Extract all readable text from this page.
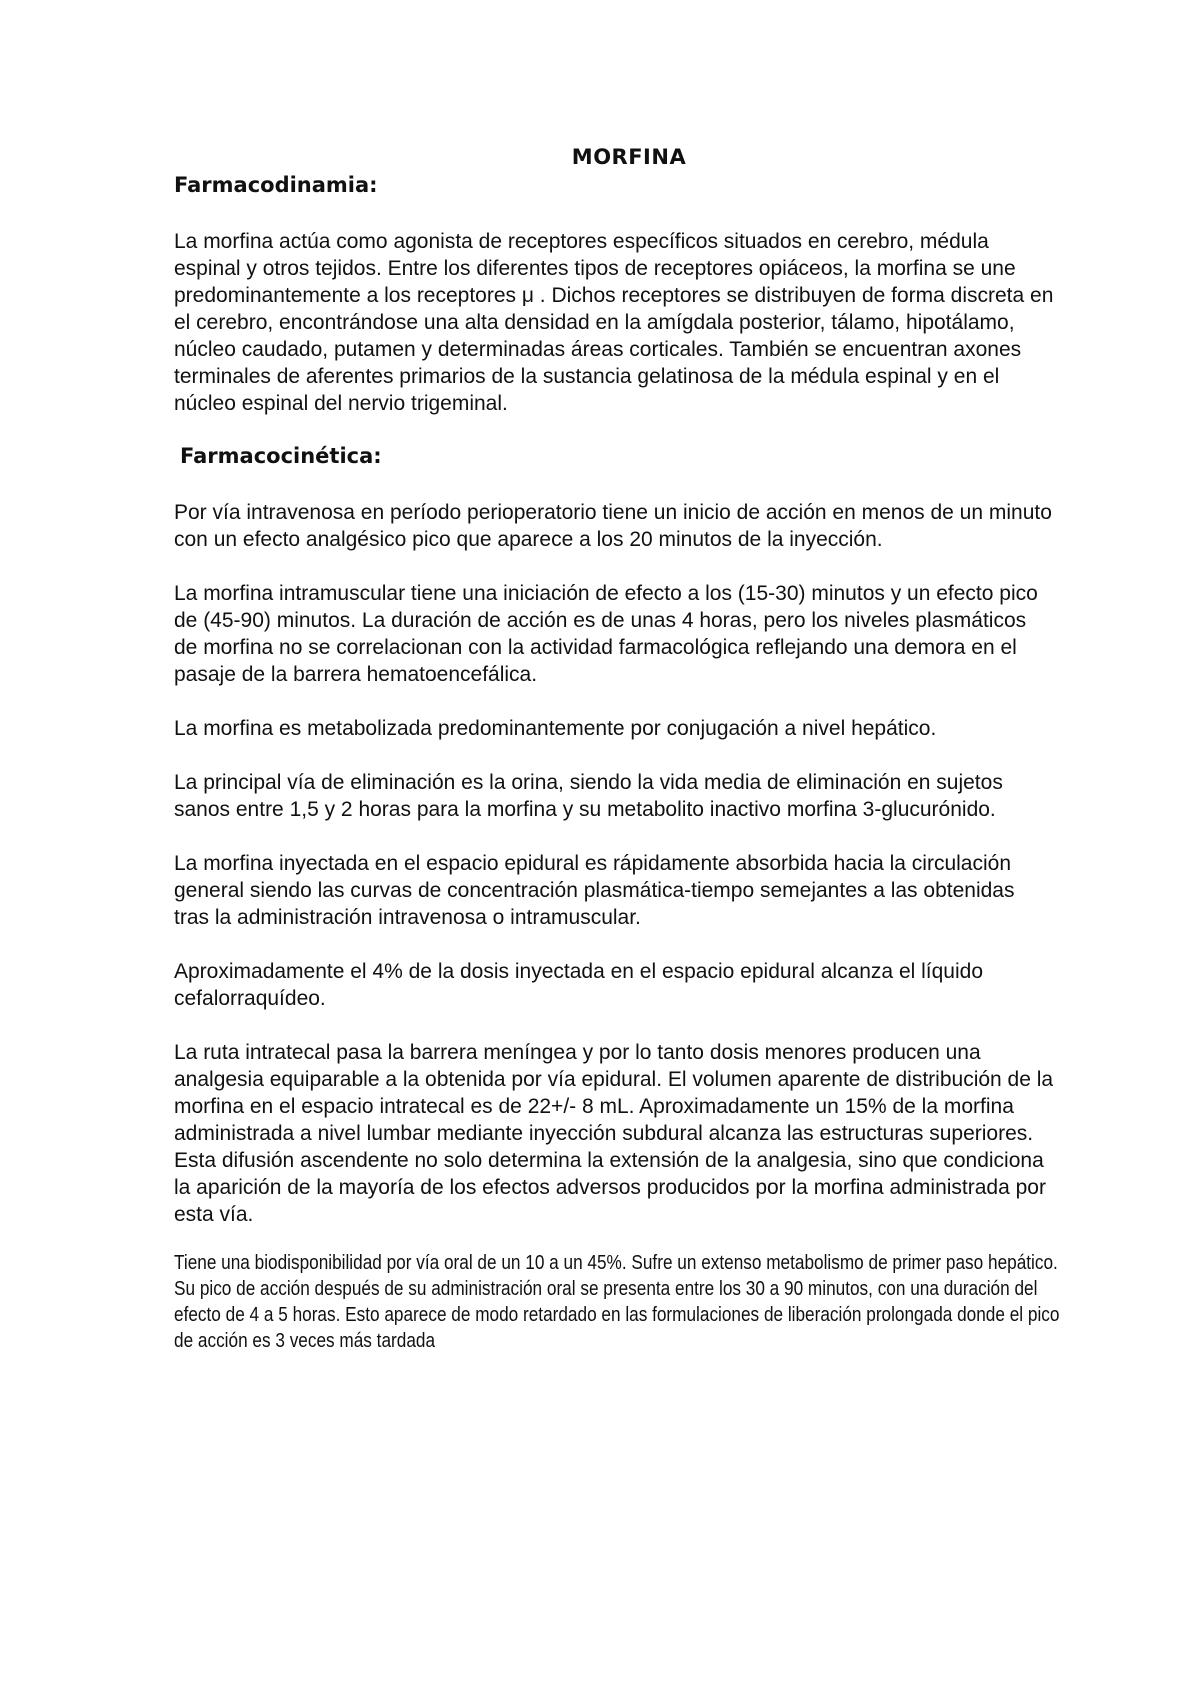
MORFINA
Farmacodinamia:

La morfina actúa como agonista de receptores específicos situados en cerebro, médula espinal y otros tejidos. Entre los diferentes tipos de receptores opiáceos, la morfina se une predominantemente a los receptores μ . Dichos receptores se distribuyen de forma discreta en el cerebro, encontrándose una alta densidad en la amígdala posterior, tálamo, hipotálamo, núcleo caudado, putamen y determinadas áreas corticales. También se encuentran axones terminales de aferentes primarios de la sustancia gelatinosa de la médula espinal y en el núcleo espinal del nervio trigeminal.

Farmacocinética:

Por vía intravenosa en período perioperatorio tiene un inicio de acción en menos de un minuto con un efecto analgésico pico que aparece a los 20 minutos de la inyección.

La morfina intramuscular tiene una iniciación de efecto a los (15-30) minutos y un efecto pico de (45-90) minutos. La duración de acción es de unas 4 horas, pero los niveles plasmáticos de morfina no se correlacionan con la actividad farmacológica reflejando una demora en el pasaje de la barrera hematoencefálica.

La morfina es metabolizada predominantemente por conjugación a nivel hepático.

La principal vía de eliminación es la orina, siendo la vida media de eliminación en sujetos sanos entre 1,5 y 2 horas para la morfina y su metabolito inactivo morfina 3-glucurónido.

La morfina inyectada en el espacio epidural es rápidamente absorbida hacia la circulación general siendo las curvas de concentración plasmática-tiempo semejantes a las obtenidas tras la administración intravenosa o intramuscular.

Aproximadamente el 4% de la dosis inyectada en el espacio epidural alcanza el líquido cefalorraquídeo.

La ruta intratecal pasa la barrera meníngea y por lo tanto dosis menores producen una analgesia equiparable a la obtenida por vía epidural. El volumen aparente de distribución de la morfina en el espacio intratecal es de 22+/- 8 mL. Aproximadamente un 15% de la morfina administrada a nivel lumbar mediante inyección subdural alcanza las estructuras superiores. Esta difusión ascendente no solo determina la extensión de la analgesia, sino que condiciona la aparición de la mayoría de los efectos adversos producidos por la morfina administrada por esta vía.

Tiene una biodisponibilidad por vía oral de un 10 a un 45%. Sufre un extenso metabolismo de primer paso hepático. Su pico de acción después de su administración oral se presenta entre los 30 a 90 minutos, con una duración del efecto de 4 a 5 horas. Esto aparece de modo retardado en las formulaciones de liberación prolongada donde el pico de acción es 3 veces más tardada
